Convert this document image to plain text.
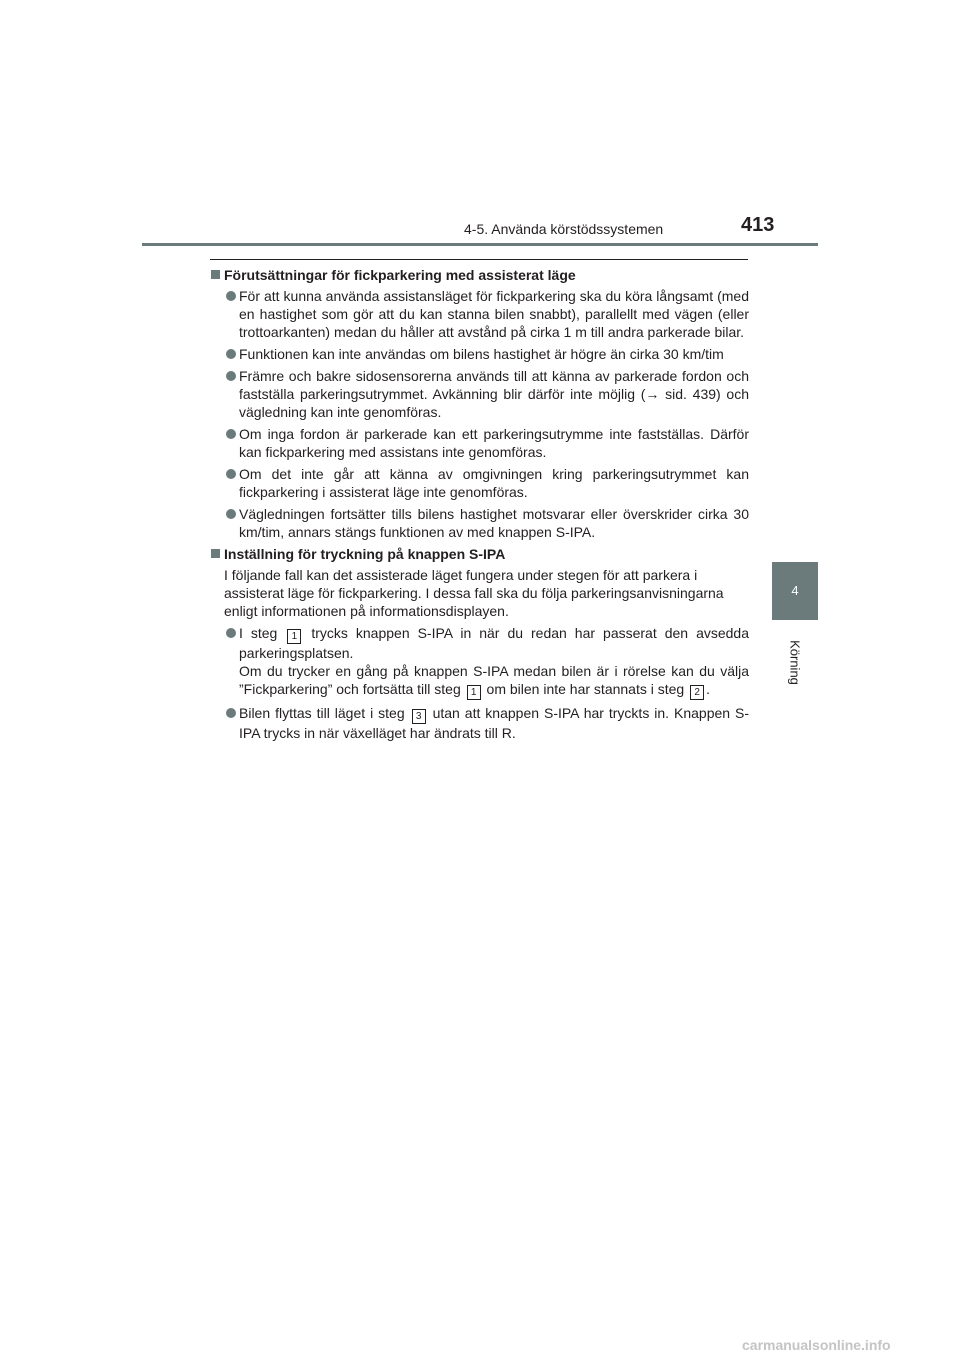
4-5. Använda körstödssystemen	413
4
Körning
Förutsättningar för fickparkering med assisterat läge
För att kunna använda assistansläget för fickparkering ska du köra långsamt (med en hastighet som gör att du kan stanna bilen snabbt), parallellt med vägen (eller trottoarkanten) medan du håller att avstånd på cirka 1 m till andra parkerade bilar.
Funktionen kan inte användas om bilens hastighet är högre än cirka 30 km/tim
Främre och bakre sidosensorerna används till att känna av parkerade fordon och fastställa parkeringsutrymmet. Avkänning blir därför inte möjlig (→ sid. 439) och vägledning kan inte genomföras.
Om inga fordon är parkerade kan ett parkeringsutrymme inte fastställas. Därför kan fickparkering med assistans inte genomföras.
Om det inte går att känna av omgivningen kring parkeringsutrymmet kan fickparkering i assisterat läge inte genomföras.
Vägledningen fortsätter tills bilens hastighet motsvarar eller överskrider cirka 30 km/tim, annars stängs funktionen av med knappen S-IPA.
Inställning för tryckning på knappen S-IPA
I följande fall kan det assisterade läget fungera under stegen för att parkera i assisterat läge för fickparkering. I dessa fall ska du följa parkeringsanvisningarna enligt informationen på informationsdisplayen.
I steg 1 trycks knappen S-IPA in när du redan har passerat den avsedda parkeringsplatsen.
Om du trycker en gång på knappen S-IPA medan bilen är i rörelse kan du välja ”Fickparkering” och fortsätta till steg 1 om bilen inte har stannats i steg 2 .
Bilen flyttas till läget i steg 3 utan att knappen S-IPA har tryckts in. Knappen S-IPA trycks in när växelläget har ändrats till R.
carmanualsonline.info
